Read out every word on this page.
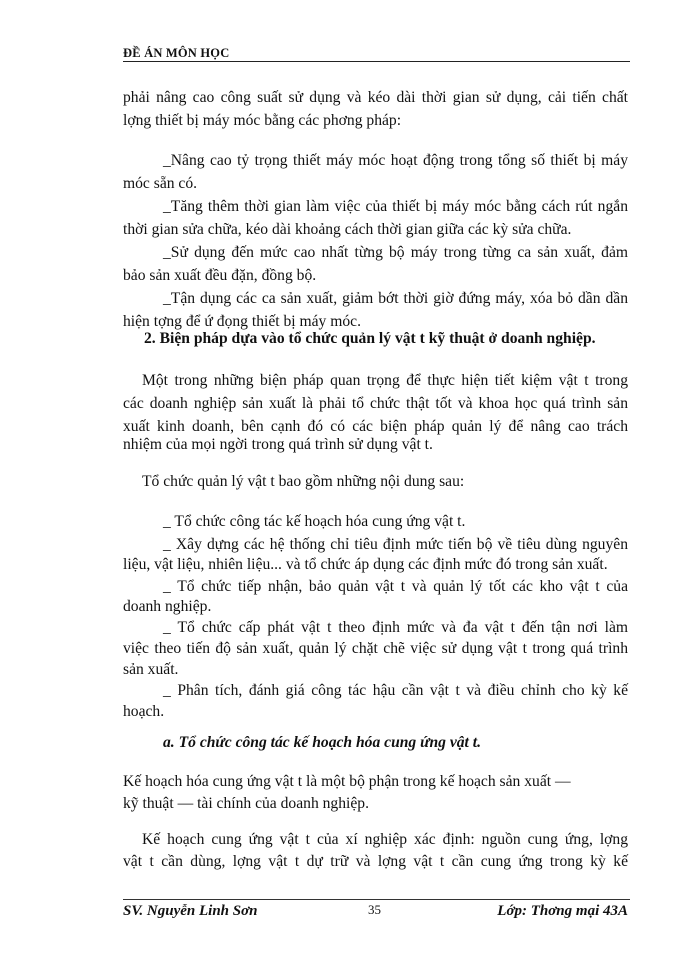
ĐỀ ÁN MÔN HỌC
phải nâng cao công suất sử dụng và kéo dài thời gian sử dụng, cải tiến chất
lợng thiết bị máy móc bằng các phơng pháp:
_Nâng cao tỷ trọng thiết máy móc hoạt động trong tổng số thiết bị máy
móc sẵn có.
_Tăng thêm thời gian làm việc của thiết bị máy móc bằng cách rút ngắn
thời gian sửa chữa, kéo dài khoảng cách thời gian giữa các kỳ sửa chữa.
_Sử dụng đến mức cao nhất từng bộ máy trong từng ca sản xuất, đảm
bảo sản xuất đều đặn, đồng bộ.
_Tận dụng các ca sản xuất, giảm bớt thời giờ đứng máy, xóa bỏ dần dần
hiện tợng để ứ đọng thiết bị máy móc.
2. Biện pháp dựa vào tổ chức quản lý vật t kỹ thuật ở doanh nghiệp.
Một trong những biện pháp quan trọng để thực hiện tiết kiệm vật t trong
các doanh nghiệp sản xuất là phải tổ chức thật tốt và khoa học quá trình sản
xuất kinh doanh, bên cạnh đó có các biện pháp quản lý để nâng cao trách
nhiệm của mọi ngời trong quá trình sử dụng vật t.
Tổ chức quản lý vật t bao gồm những nội dung sau:
_ Tổ chức công tác kế hoạch hóa cung ứng vật t.
_ Xây dựng các hệ thống chỉ tiêu định mức tiến bộ về tiêu dùng nguyên
liệu, vật liệu, nhiên liệu... và tổ chức áp dụng các định mức đó trong sản xuất.
_ Tổ chức tiếp nhận, bảo quản vật t và quản lý tốt các kho vật t của
doanh nghiệp.
_ Tổ chức cấp phát vật t theo định mức và đa vật t đến tận nơi làm
việc theo tiến độ sản xuất, quản lý chặt chẽ việc sử dụng vật t trong quá trình
sản xuất.
_ Phân tích, đánh giá công tác hậu cần vật t và điều chỉnh cho kỳ kế
hoạch.
a. Tổ chức công tác kế hoạch hóa cung ứng vật t.
Kế hoạch hóa cung ứng vật t là một bộ phận trong kế hoạch sản xuất —
kỹ thuật — tài chính của doanh nghiệp.
Kế hoạch cung ứng vật t của xí nghiệp xác định: nguồn cung ứng, lợng
vật t cần dùng, lợng vật t dự trữ và lợng vật t cần cung ứng trong kỳ kế
SV. Nguyễn Linh Sơn	35	Lớp: Thơng mại 43A
